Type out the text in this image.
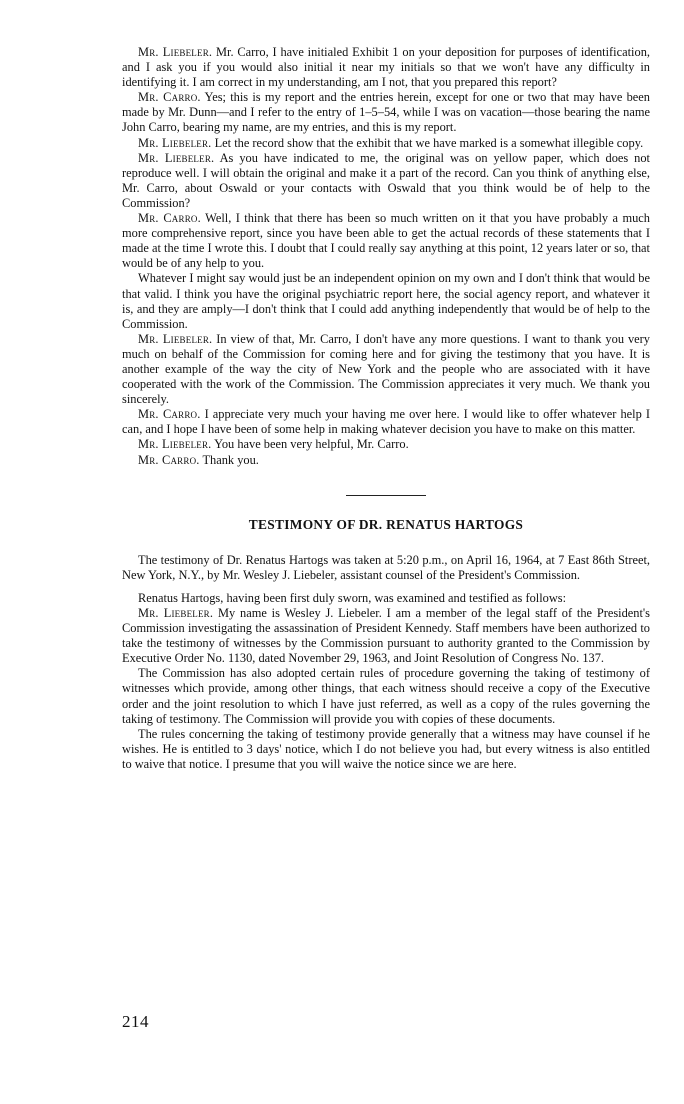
Mr. Liebeler. Mr. Carro, I have initialed Exhibit 1 on your deposition for purposes of identification, and I ask you if you would also initial it near my initials so that we won't have any difficulty in identifying it. I am correct in my understanding, am I not, that you prepared this report?

Mr. Carro. Yes; this is my report and the entries herein, except for one or two that may have been made by Mr. Dunn—and I refer to the entry of 1–5–54, while I was on vacation—those bearing the name John Carro, bearing my name, are my entries, and this is my report.

Mr. Liebeler. Let the record show that the exhibit that we have marked is a somewhat illegible copy.

Mr. Liebeler. As you have indicated to me, the original was on yellow paper, which does not reproduce well. I will obtain the original and make it a part of the record. Can you think of anything else, Mr. Carro, about Oswald or your contacts with Oswald that you think would be of help to the Commission?

Mr. Carro. Well, I think that there has been so much written on it that you have probably a much more comprehensive report, since you have been able to get the actual records of these statements that I made at the time I wrote this. I doubt that I could really say anything at this point, 12 years later or so, that would be of any help to you.

Whatever I might say would just be an independent opinion on my own and I don't think that would be that valid. I think you have the original psychiatric report here, the social agency report, and whatever it is, and they are amply—I don't think that I could add anything independently that would be of help to the Commission.

Mr. Liebeler. In view of that, Mr. Carro, I don't have any more questions. I want to thank you very much on behalf of the Commission for coming here and for giving the testimony that you have. It is another example of the way the city of New York and the people who are associated with it have cooperated with the work of the Commission. The Commission appreciates it very much. We thank you sincerely.

Mr. Carro. I appreciate very much your having me over here. I would like to offer whatever help I can, and I hope I have been of some help in making whatever decision you have to make on this matter.

Mr. Liebeler. You have been very helpful, Mr. Carro.

Mr. Carro. Thank you.

TESTIMONY OF DR. RENATUS HARTOGS

The testimony of Dr. Renatus Hartogs was taken at 5:20 p.m., on April 16, 1964, at 7 East 86th Street, New York, N.Y., by Mr. Wesley J. Liebeler, assistant counsel of the President's Commission.

Renatus Hartogs, having been first duly sworn, was examined and testified as follows:

Mr. Liebeler. My name is Wesley J. Liebeler. I am a member of the legal staff of the President's Commission investigating the assassination of President Kennedy. Staff members have been authorized to take the testimony of witnesses by the Commission pursuant to authority granted to the Commission by Executive Order No. 1130, dated November 29, 1963, and Joint Resolution of Congress No. 137.

The Commission has also adopted certain rules of procedure governing the taking of testimony of witnesses which provide, among other things, that each witness should receive a copy of the Executive order and the joint resolution to which I have just referred, as well as a copy of the rules governing the taking of testimony. The Commission will provide you with copies of these documents.

The rules concerning the taking of testimony provide generally that a witness may have counsel if he wishes. He is entitled to 3 days' notice, which I do not believe you had, but every witness is also entitled to waive that notice. I presume that you will waive the notice since we are here.

214
